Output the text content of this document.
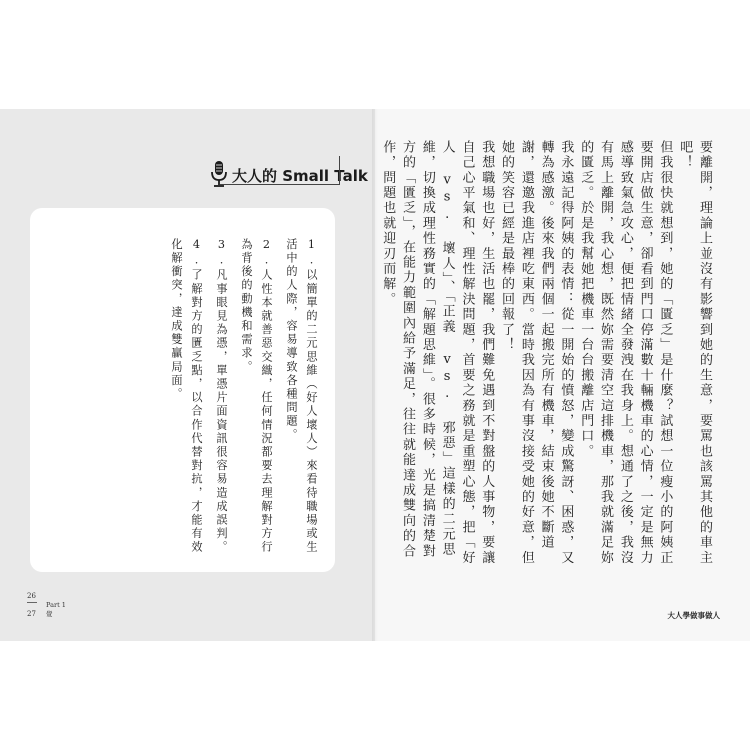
大人的 Small Talk
1.以簡單的二元思維（好人壞人）來看待職場或生活中的人際，容易導致各種問題。
2.人性本就善惡交織，任何情況都要去理解對方行為背後的動機和需求。
3.凡事眼見為憑，單憑片面資訊很容易造成誤判。
4.了解對方的匱乏點，以合作代替對抗，才能有效化解衝突，達成雙贏局面。	要離開，理論上並沒有影響到她的生意，要罵也該罵其他的車主吧！

但我很快就想到，她的「匱乏」是什麼？試想一位瘦小的阿姨正要開店做生意，卻看到門口停滿數十輛機車的心情，一定是無力感導致氣急攻心，便把情緒全發洩在我身上。想通了之後，我沒有馬上離開，我心想，既然妳需要清空這排機車，那我就滿足妳的匱乏。於是我幫她把機車一台台搬離店門口。

我永遠記得阿姨的表情：從一開始的憤怒，變成驚訝、困惑，又轉為感激。後來我們兩個一起搬完所有機車，結束後她不斷道謝，還邀我進店裡吃東西。當時我因為有事沒接受她的好意，但她的笑容已經是最棒的回報了！

我想職場也好，生活也罷，我們難免遇到不對盤的人事物，要讓自己心平氣和、理性解決問題，首要之務就是重塑心態，把「好人 vs. 壞人」、「正義 vs. 邪惡」這樣的二元思維，切換成理性務實的「解題思維」。很多時候，光是搞清楚對方的「匱乏」，在能力範圍內給予滿足，往往就能達成雙向的合作，問題也就迎刃而解。

26
27
Part 1
覺	大人學做事做人
